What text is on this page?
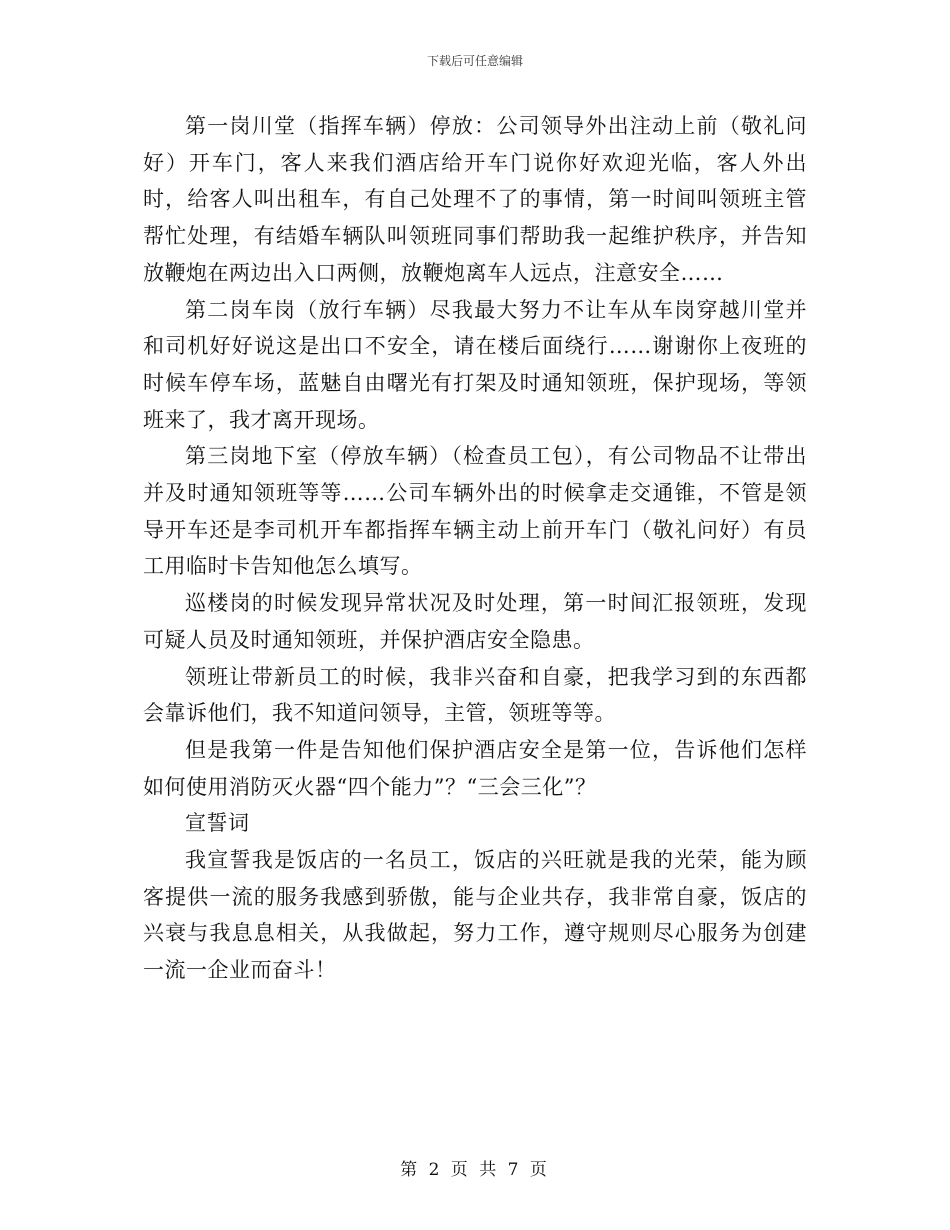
下载后可任意编辑

第一岗川堂（指挥车辆）停放：公司领导外出注动上前（敬礼问好）开车门，客人来我们酒店给开车门说你好欢迎光临，客人外出时，给客人叫出租车，有自己处理不了的事情，第一时间叫领班主管帮忙处理，有结婚车辆队叫领班同事们帮助我一起维护秩序，并告知放鞭炮在两边出入口两侧，放鞭炮离车人远点，注意安全……

第二岗车岗（放行车辆）尽我最大努力不让车从车岗穿越川堂并和司机好好说这是出口不安全，请在楼后面绕行……谢谢你上夜班的时候车停车场，蓝魅自由曙光有打架及时通知领班，保护现场，等领班来了，我才离开现场。

第三岗地下室（停放车辆）（检查员工包），有公司物品不让带出并及时通知领班等等……公司车辆外出的时候拿走交通锥，不管是领导开车还是李司机开车都指挥车辆主动上前开车门（敬礼问好）有员工用临时卡告知他怎么填写。

巡楼岗的时候发现异常状况及时处理，第一时间汇报领班，发现可疑人员及时通知领班，并保护酒店安全隐患。

领班让带新员工的时候，我非兴奋和自豪，把我学习到的东西都会靠诉他们，我不知道问领导，主管，领班等等。

但是我第一件是告知他们保护酒店安全是第一位，告诉他们怎样如何使用消防灭火器“四个能力”？“三会三化”？

宣誓词

我宣誓我是饭店的一名员工，饭店的兴旺就是我的光荣，能为顾客提供一流的服务我感到骄傲，能与企业共存，我非常自豪，饭店的兴衰与我息息相关，从我做起，努力工作，遵守规则尽心服务为创建一流一企业而奋斗！

第 2 页 共 7 页
